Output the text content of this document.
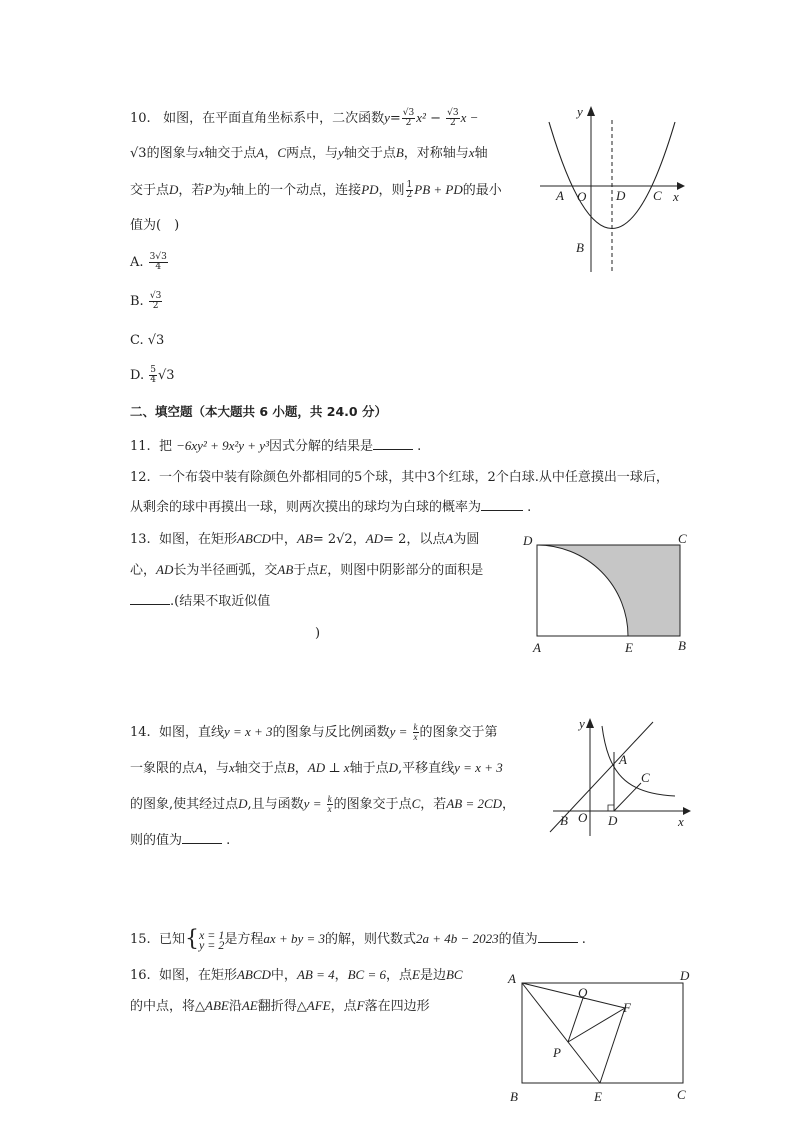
10. 如图，在平面直角坐标系中，二次函数$y= \frac{√3}{2} x^2 - \frac{√3}{2}$ x −
√3的图象与x轴交于点A，C两点，与y轴交于点B，对称轴与x轴
交于点D，若P为y轴上的一个动点，连接PD，则 $\frac{1}{2}$ PB + PD的最小
值为(　)
A. $\frac{3√3}{4}$
B. $\frac{√3}{2}$
C. √3
D. $\frac{5}{4} √3$
y
A O D C x
B
二、填空题（本大题共 6 小题，共 24.0 分）
11. 把 −6xy² + 9x²y + y³因式分解的结果是	.
12. 一个布袋中装有除颜色外都相同的5个球，其中3个红球，2个白球.从中任意摸出一球后，
从剩余的球中再摸出一球，则两次摸出的球均为白球的概率为	.
13. 如图，在矩形ABCD中，AB= 2√2，AD= 2，以点A为圆
心，AD长为半径画弧，交AB于点E，则图中阴影部分的面积是
.(结果不取近似值
)
D	C
A	E	B
14. 如图，直线y = x + 3的图象与反比例函数$y = \frac{k}{x}$ 的图象交于第
一象限的点A，与x轴交于点B，AD ⊥ x轴于点D,平移直线y = x + 3
的图象,使其经过点D,且与函数$y = \frac{k}{x}$ 的图象交于点C，若AB = 2CD，
则的值为	.
y
A
C
B O D	x
15. 已知{ x = 1
y = 2 是方程ax + by = 3的解，则代数式2a + 4b − 2023的值为	.
16. 如图，在矩形ABCD中，AB = 4，BC = 6，点E是边BC
的中点，将△ABE沿AE翻折得△AFE，点F落在四边形
A	D
Q
F
P
B	E	C
